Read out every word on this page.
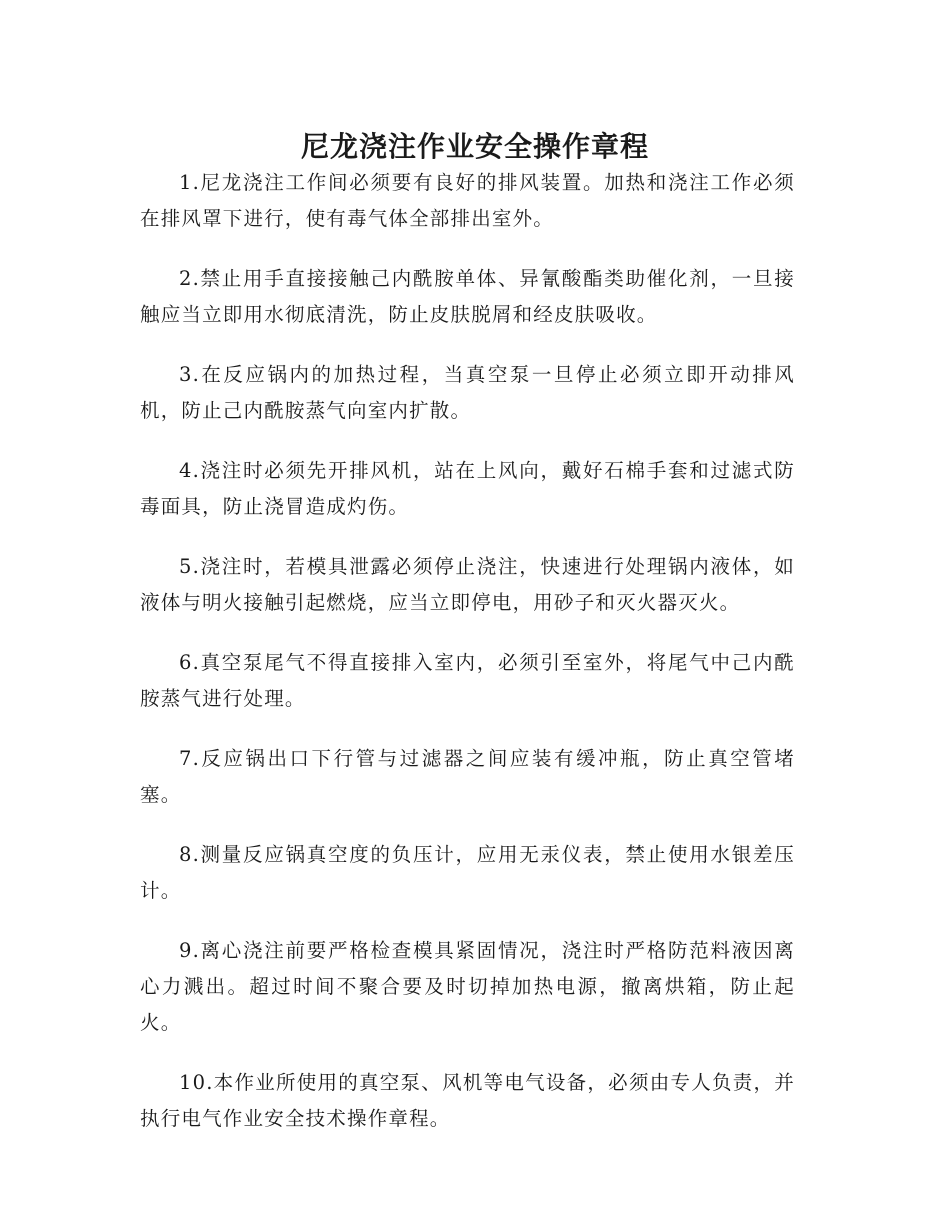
尼龙浇注作业安全操作章程

1.尼龙浇注工作间必须要有良好的排风装置。加热和浇注工作必须在排风罩下进行，使有毒气体全部排出室外。

2.禁止用手直接接触己内酰胺单体、异氰酸酯类助催化剂，一旦接触应当立即用水彻底清洗，防止皮肤脱屑和经皮肤吸收。

3.在反应锅内的加热过程，当真空泵一旦停止必须立即开动排风机，防止己内酰胺蒸气向室内扩散。

4.浇注时必须先开排风机，站在上风向，戴好石棉手套和过滤式防毒面具，防止浇冒造成灼伤。

5.浇注时，若模具泄露必须停止浇注，快速进行处理锅内液体，如液体与明火接触引起燃烧，应当立即停电，用砂子和灭火器灭火。

6.真空泵尾气不得直接排入室内，必须引至室外，将尾气中己内酰胺蒸气进行处理。

7.反应锅出口下行管与过滤器之间应装有缓冲瓶，防止真空管堵塞。

8.测量反应锅真空度的负压计，应用无汞仪表，禁止使用水银差压计。

9.离心浇注前要严格检查模具紧固情况，浇注时严格防范料液因离心力溅出。超过时间不聚合要及时切掉加热电源，撤离烘箱，防止起火。

10.本作业所使用的真空泵、风机等电气设备，必须由专人负责，并执行电气作业安全技术操作章程。
